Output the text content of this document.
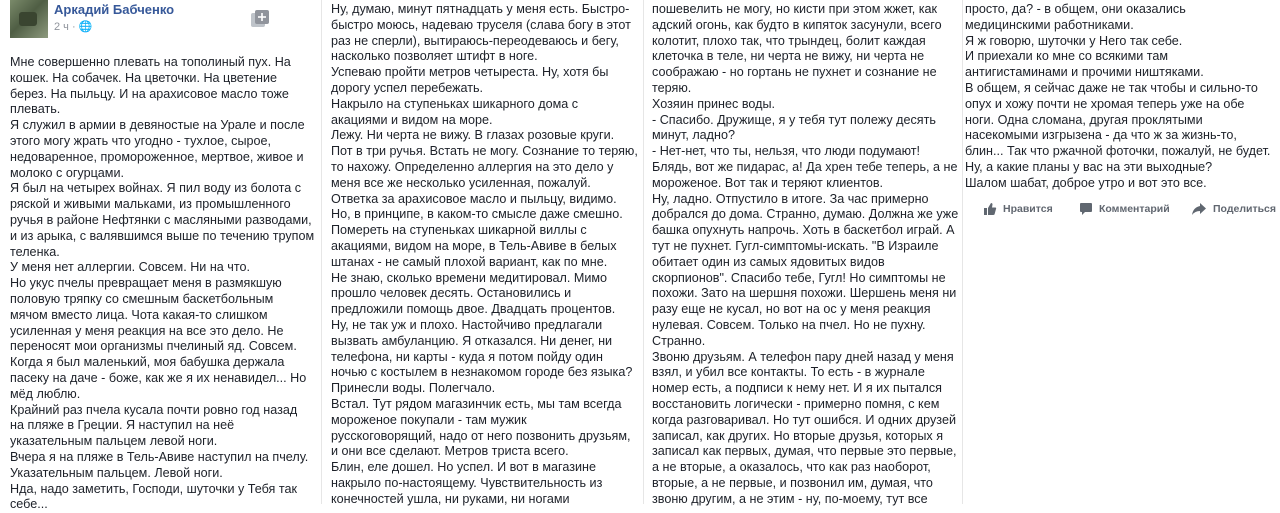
Аркадий Бабченко
2 ч · 🌐

Мне совершенно плевать на тополиный пух. На

кошек. На собачек. На цветочки. На цветение

берез. На пыльцу. И на арахисовое масло тоже

плевать.

Я служил в армии в девяностые на Урале и после

этого могу жрать что угодно - тухлое, сырое,

недоваренное, промороженное, мертвое, живое и

молоко с огурцами.

Я был на четырех войнах. Я пил воду из болота с

ряской и живыми мальками, из промышленного

ручья в районе Нефтянки с масляными разводами,

и из арыка, с валявшимся выше по течению трупом

теленка.

У меня нет аллергии. Совсем. Ни на что.

Но укус пчелы превращает меня в размякшую

половую тряпку со смешным баскетбольным

мячом вместо лица. Чота какая-то слишком

усиленная у меня реакция на все это дело. Не

переносят мои организмы пчелиный яд. Совсем.

Когда я был маленький, моя бабушка держала

пасеку на даче - боже, как же я их ненавидел... Но

мёд люблю.

Крайний раз пчела кусала почти ровно год назад

на пляже в Греции. Я наступил на неё

указательным пальцем левой ноги.

Вчера я на пляже в Тель-Авиве наступил на пчелу.

Указательным пальцем. Левой ноги.

Нда, надо заметить, Господи, шуточки у Тебя так

себе...

Ну, думаю, минут пятнадцать у меня есть. Быстро-

быстро моюсь, надеваю труселя (слава богу в этот

раз не сперли), вытираюсь-переодеваюсь и бегу,

насколько позволяет штифт в ноге.

Успеваю пройти метров четыреста. Ну, хотя бы

дорогу успел перебежать.

Накрыло на ступеньках шикарного дома с

акациями и видом на море.

Лежу. Ни черта не вижу. В глазах розовые круги.

Пот в три ручья. Встать не могу. Сознание то теряю,

то нахожу. Определенно аллергия на это дело у

меня все же несколько усиленная, пожалуй.

Ответка за арахисовое масло и пыльцу, видимо.

Но, в принципе, в каком-то смысле даже смешно.

Помереть на ступеньках шикарной виллы с

акациями, видом на море, в Тель-Авиве в белых

штанах - не самый плохой вариант, как по мне.

Не знаю, сколько времени медитировал. Мимо

прошло человек десять. Остановились и

предложили помощь двое. Двадцать процентов.

Ну, не так уж и плохо. Настойчиво предлагали

вызвать амбуланцию. Я отказался. Ни денег, ни

телефона, ни карты - куда я потом пойду один

ночью с костылем в незнакомом городе без языка?

Принесли воды. Полегчало.

Встал. Тут рядом магазинчик есть, мы там всегда

мороженое покупали - там мужик

русскоговорящий, надо от него позвонить друзьям,

и они все сделают. Метров триста всего.

Блин, еле дошел. Но успел. И вот в магазине

накрыло по-настоящему. Чувствительность из

конечностей ушла, ни руками, ни ногами

пошевелить не могу, но кисти при этом жжет, как

адский огонь, как будто в кипяток засунули, всего

колотит, плохо так, что трындец, болит каждая

клеточка в теле, ни черта не вижу, ни черта не

соображаю - но гортань не пухнет и сознание не

теряю.

Хозяин принес воды.

- Спасибо. Дружище, я у тебя тут полежу десять

минут, ладно?

- Нет-нет, что ты, нельзя, что люди подумают!

Блядь, вот же пидарас, а! Да хрен тебе теперь, а не

мороженое. Вот так и теряют клиентов.

Ну, ладно. Отпустило в итоге. За час примерно

добрался до дома. Странно, думаю. Должна же уже

башка опухнуть напрочь. Хоть в баскетбол играй. А

тут не пухнет. Гугл-симптомы-искать. "В Израиле

обитает один из самых ядовитых видов

скорпионов". Спасибо тебе, Гугл! Но симптомы не

похожи. Зато на шершня похожи. Шершень меня ни

разу еще не кусал, но вот на ос у меня реакция

нулевая. Совсем. Только на пчел. Но не пухну.

Странно.

Звоню друзьям. А телефон пару дней назад у меня

взял, и убил все контакты. То есть - в журнале

номер есть, а подписи к нему нет. И я их пытался

восстановить логически - примерно помня, с кем

когда разговаривал. Но тут ошибся. И одних друзей

записал, как других. Но вторые друзья, которых я

записал как первых, думая, что первые это первые,

а не вторые, а оказалось, что как раз наоборот,

вторые, а не первые, и позвонил им, думая, что

звоню другим, а не этим - ну, по-моему, тут все

просто, да? - в общем, они оказались

медицинскими работниками.

Я ж говорю, шуточки у Него так себе.

И приехали ко мне со всякими там

антигистаминами и прочими ништяками.

В общем, я сейчас даже не так чтобы и сильно-то

опух и хожу почти не хромая теперь уже на обе

ноги. Одна сломана, другая проклятыми

насекомыми изгрызена - да что ж за жизнь-то,

блин... Так что ржачной фоточки, пожалуй, не будет.

Ну, а какие планы у вас на эти выходные?

Шалом шабат, доброе утро и вот это все.

Нравится	Комментарий	Поделиться
